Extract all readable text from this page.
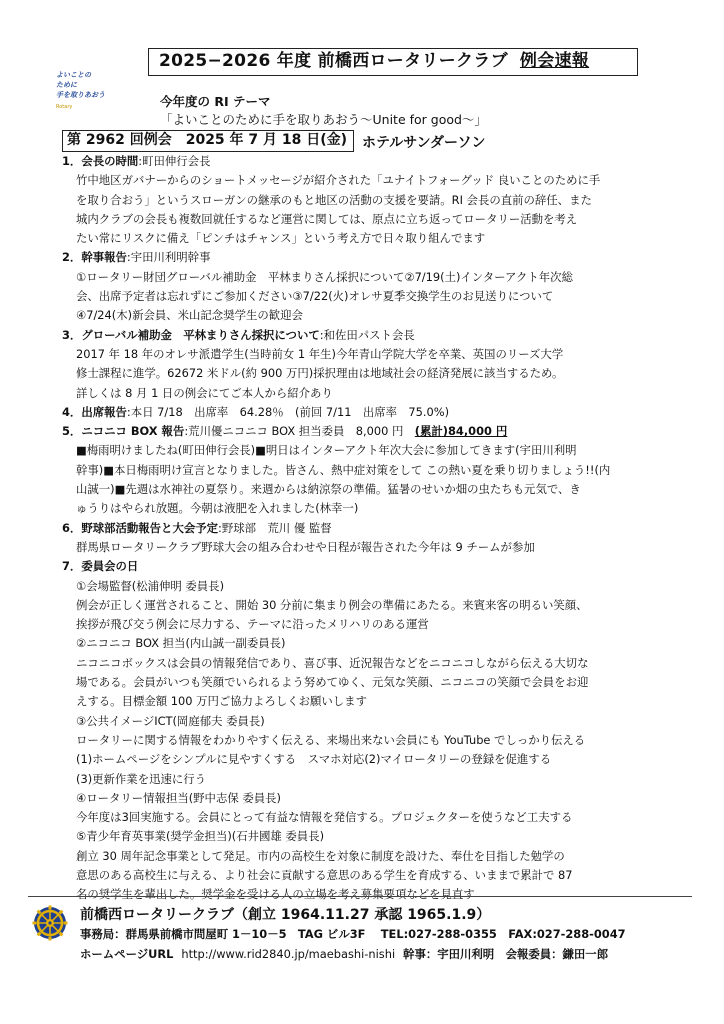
2025−2026 年度 前橋西ロータリークラブ 例会速報
よいことの
ために
手を取りあおう
Rotary	今年度の RI テーマ
「よいことのために手を取りあおう～Unite for good～」
第 2962 回例会　2025 年 7 月 18 日(金)	ホテルサンダーソン
1．会長の時間:町田伸行会長
竹中地区ガバナーからのショートメッセージが紹介された「ユナイトフォーグッド 良いことのために手
を取り合おう」というスローガンの継承のもと地区の活動の支援を要請。RI 会長の直前の辞任、また
城内クラブの会長も複数回就任するなど運営に関しては、原点に立ち返ってロータリー活動を考え
たい常にリスクに備え「ピンチはチャンス」という考え方で日々取り組んでます
2．幹事報告:宇田川利明幹事
①ロータリー財団グローバル補助金　平林まりさん採択について②7/19(土)インターアクト年次総
会、出席予定者は忘れずにご参加ください③7/22(火)オレサ夏季交換学生のお見送りについて
④7/24(木)新会員、米山記念奨学生の歓迎会
3．グローバル補助金　平林まりさん採択について:和佐田パスト会長
2017 年 18 年のオレサ派遣学生(当時前女 1 年生)今年青山学院大学を卒業、英国のリーズ大学
修士課程に進学。62672 米ドル(約 900 万円)採択理由は地域社会の経済発展に該当するため。
詳しくは 8 月 1 日の例会にてご本人から紹介あり
4．出席報告:本日 7/18　出席率　64.28％　(前回 7/11　出席率　75.0%)
5．ニコニコ BOX 報告:荒川優ニコニコ BOX 担当委員　8,000 円　(累計)84,000 円
■梅雨明けましたね(町田伸行会長)■明日はインターアクト年次大会に参加してきます(宇田川利明
幹事)■本日梅雨明け宣言となりました。皆さん、熱中症対策をして この熱い夏を乗り切りましょう!!(内
山誠一)■先週は水神社の夏祭り。来週からは納涼祭の準備。猛暑のせいか畑の虫たちも元気で、き
ゅうりはやられ放題。今朝は液肥を入れました(林幸一)
6．野球部活動報告と大会予定:野球部　荒川 優 監督
群馬県ロータリークラブ野球大会の組み合わせや日程が報告された今年は 9 チームが参加
7．委員会の日
①会場監督(松浦伸明 委員長)
例会が正しく運営されること、開始 30 分前に集まり例会の準備にあたる。来賓来客の明るい笑顔、
挨拶が飛び交う例会に尽力する、テーマに沿ったメリハリのある運営
②ニコニコ BOX 担当(内山誠一副委員長)
ニコニコボックスは会員の情報発信であり、喜び事、近況報告などをニコニコしながら伝える大切な
場である。会員がいつも笑顔でいられるよう努めてゆく、元気な笑顔、ニコニコの笑顔で会員をお迎
えする。目標金額 100 万円ご協力よろしくお願いします
③公共イメージICT(岡庭郁夫 委員長)
ロータリーに関する情報をわかりやすく伝える、来場出来ない会員にも YouTube でしっかり伝える
(1)ホームページをシンプルに見やすくする　スマホ対応(2)マイロータリーの登録を促進する
(3)更新作業を迅速に行う
④ロータリー情報担当(野中志保 委員長)
今年度は3回実施する。会員にとって有益な情報を発信する。プロジェクターを使うなど工夫する
⑤青少年育英事業(奨学金担当)(石井國雄 委員長)
創立 30 周年記念事業として発足。市内の高校生を対象に制度を設けた、奉仕を目指した勉学の
意思のある高校生に与える、より社会に貢献する意思のある学生を育成する、いままで累計で 87
名の奨学生を輩出した。奨学金を受ける人の立場を考え募集要項などを見直す
前橋西ロータリークラブ（創立 1964.11.27 承認 1965.1.9）
事務局：群馬県前橋市問屋町 1－10－5　TAG ビル3F　 TEL:027-288-0355　FAX:027-288-0047
ホームページURL http://www.rid2840.jp/maebashi-nishi 幹事：宇田川利明　会報委員：鎌田一郎
